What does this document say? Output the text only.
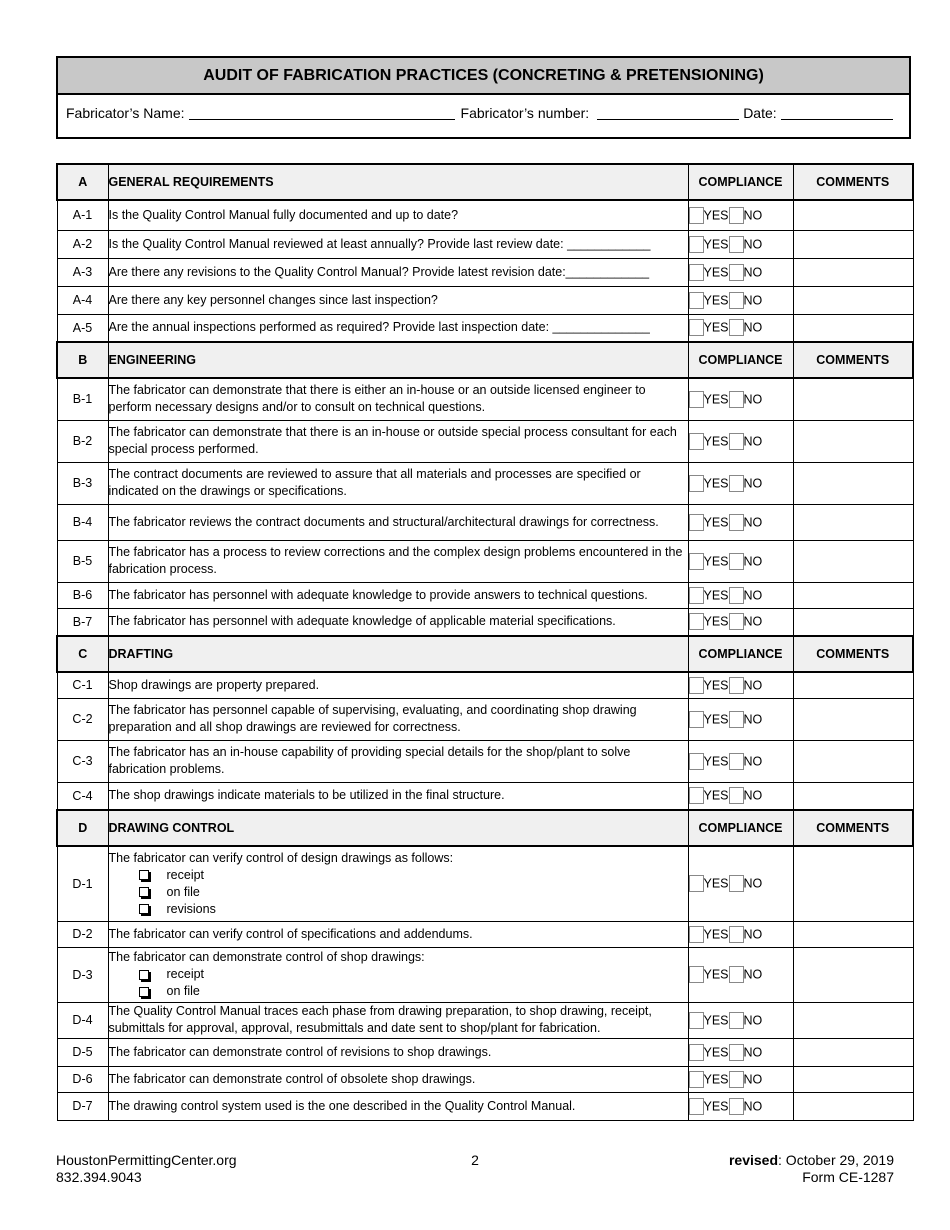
AUDIT OF FABRICATION PRACTICES (CONCRETING & PRETENSIONING)
Fabricator’s Name:	Fabricator’s number:	Date:
A	GENERAL REQUIREMENTS	COMPLIANCE	COMMENTS
A-1	Is the Quality Control Manual fully documented and up to date?	YES NO	
A-2	Is the Quality Control Manual reviewed at least annually? Provide last review date: ____________	YES NO	
A-3	Are there any revisions to the Quality Control Manual? Provide latest revision date:____________	YES NO	
A-4	Are there any key personnel changes since last inspection?	YES NO	
A-5	Are the annual inspections performed as required? Provide last inspection date: ______________	YES NO	
B	ENGINEERING	COMPLIANCE	COMMENTS
B-1	The fabricator can demonstrate that there is either an in-house or an outside licensed engineer to perform necessary designs and/or to consult on technical questions.	YES NO	
B-2	The fabricator can demonstrate that there is an in-house or outside special process consultant for each special process performed.	YES NO	
B-3	The contract documents are reviewed to assure that all materials and processes are specified or indicated on the drawings or specifications.	YES NO	
B-4	The fabricator reviews the contract documents and structural/architectural drawings for correctness.	YES NO	
B-5	The fabricator has a process to review corrections and the complex design problems encountered in the fabrication process.	YES NO	
B-6	The fabricator has personnel with adequate knowledge to provide answers to technical questions.	YES NO	
B-7	The fabricator has personnel with adequate knowledge of applicable material specifications.	YES NO	
C	DRAFTING	COMPLIANCE	COMMENTS
C-1	Shop drawings are property prepared.	YES NO	
C-2	The fabricator has personnel capable of supervising, evaluating, and coordinating shop drawing preparation and all shop drawings are reviewed for correctness.	YES NO	
C-3	The fabricator has an in-house capability of providing special details for the shop/plant to solve fabrication problems.	YES NO	
C-4	The shop drawings indicate materials to be utilized in the final structure.	YES NO	
D	DRAWING CONTROL	COMPLIANCE	COMMENTS
D-1	The fabricator can verify control of design drawings as follows:
receipt
on file
revisions	YES NO	
D-2	The fabricator can verify control of specifications and addendums.	YES NO	
D-3	The fabricator can demonstrate control of shop drawings:
receipt
on file	YES NO	
D-4	The Quality Control Manual traces each phase from drawing preparation, to shop drawing, receipt, submittals for approval, approval, resubmittals and date sent to shop/plant for fabrication.	YES NO	
D-5	The fabricator can demonstrate control of revisions to shop drawings.	YES NO	
D-6	The fabricator can demonstrate control of obsolete shop drawings.	YES NO	
D-7	The drawing control system used is the one described in the Quality Control Manual.	YES NO	
HoustonPermittingCenter.org
832.394.9043
2	revised: October 29, 2019
Form CE-1287
